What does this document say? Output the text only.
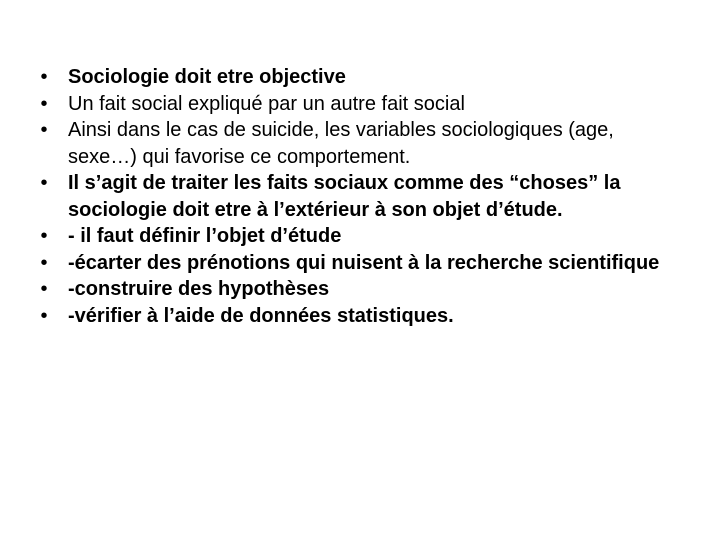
•	Sociologie doit etre objective
•	Un fait social expliqué par un autre fait social
•	Ainsi dans le cas de suicide, les variables sociologiques (age, sexe…) qui favorise ce comportement.
•	Il s’agit de traiter les faits sociaux comme des “choses” la sociologie doit etre à l’extérieur à son objet d’étude.
•	- il faut définir l’objet d’étude
•	-écarter des prénotions qui nuisent à la recherche scientifique
•	-construire des hypothèses
•	-vérifier à l’aide de données statistiques.
